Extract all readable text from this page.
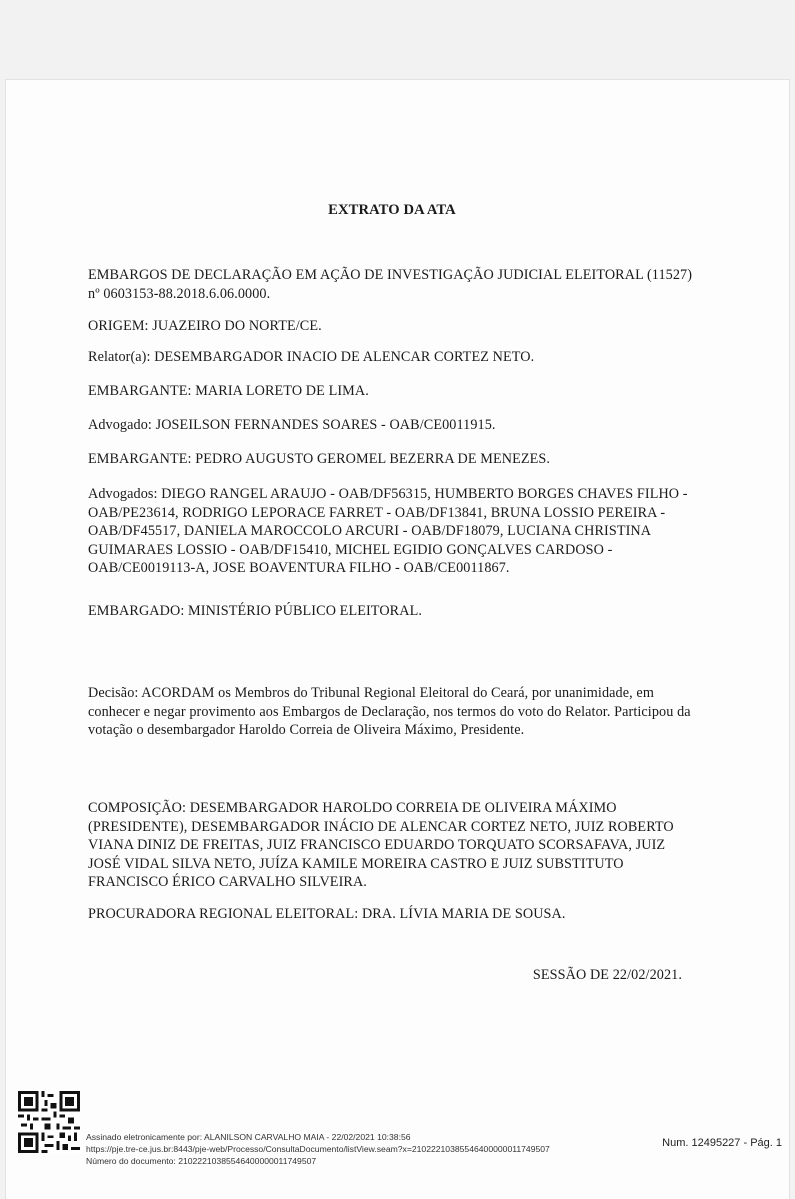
EXTRATO DA ATA

EMBARGOS DE DECLARAÇÃO EM AÇÃO DE INVESTIGAÇÃO JUDICIAL ELEITORAL (11527) nº 0603153-88.2018.6.06.0000.

ORIGEM: JUAZEIRO DO NORTE/CE.

Relator(a): DESEMBARGADOR INACIO DE ALENCAR CORTEZ NETO.

EMBARGANTE: MARIA LORETO DE LIMA.

Advogado: JOSEILSON FERNANDES SOARES - OAB/CE0011915.

EMBARGANTE: PEDRO AUGUSTO GEROMEL BEZERRA DE MENEZES.

Advogados: DIEGO RANGEL ARAUJO - OAB/DF56315, HUMBERTO BORGES CHAVES FILHO - OAB/PE23614, RODRIGO LEPORACE FARRET - OAB/DF13841, BRUNA LOSSIO PEREIRA - OAB/DF45517, DANIELA MAROCCOLO ARCURI - OAB/DF18079, LUCIANA CHRISTINA GUIMARAES LOSSIO - OAB/DF15410, MICHEL EGIDIO GONÇALVES CARDOSO - OAB/CE0019113-A, JOSE BOAVENTURA FILHO - OAB/CE0011867.

EMBARGADO: MINISTÉRIO PÚBLICO ELEITORAL.

Decisão: ACORDAM os Membros do Tribunal Regional Eleitoral do Ceará, por unanimidade, em conhecer e negar provimento aos Embargos de Declaração, nos termos do voto do Relator. Participou da votação o desembargador Haroldo Correia de Oliveira Máximo, Presidente.

COMPOSIÇÃO: DESEMBARGADOR HAROLDO CORREIA DE OLIVEIRA MÁXIMO (PRESIDENTE), DESEMBARGADOR INÁCIO DE ALENCAR CORTEZ NETO, JUIZ ROBERTO VIANA DINIZ DE FREITAS, JUIZ FRANCISCO EDUARDO TORQUATO SCORSAFAVA, JUIZ JOSÉ VIDAL SILVA NETO, JUÍZA KAMILE MOREIRA CASTRO E JUIZ SUBSTITUTO FRANCISCO ÉRICO CARVALHO SILVEIRA.

PROCURADORA REGIONAL ELEITORAL: DRA. LÍVIA MARIA DE SOUSA.

SESSÃO DE 22/02/2021.
Assinado eletronicamente por: ALANILSON CARVALHO MAIA - 22/02/2021 10:38:56
https://pje.tre-ce.jus.br:8443/pje-web/Processo/ConsultaDocumento/listView.seam?x=21022210385546400000011749507
Número do documento: 21022210385546400000011749507
Num. 12495227 - Pág. 1
